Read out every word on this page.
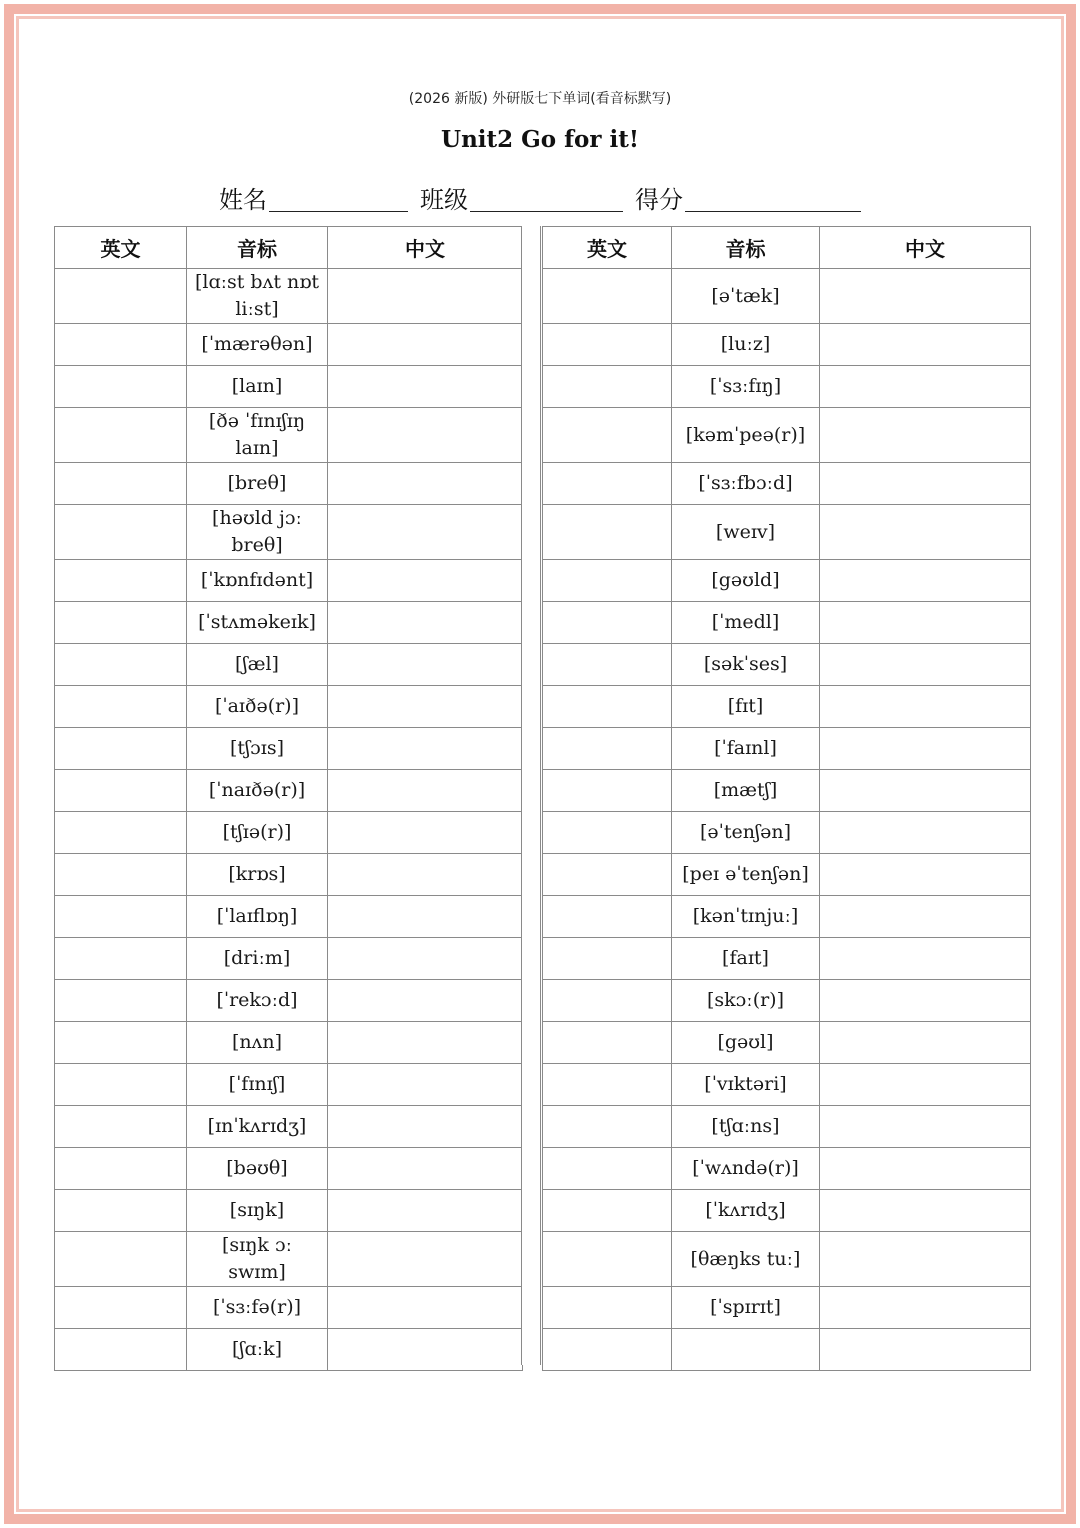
(2026 新版) 外研版七下单词(看音标默写)
Unit2 Go for it!
姓名	班级	得分
英文	音标	中文
	[lɑːst bʌt nɒt
liːst]	
	[ˈmærəθən]	
	[laɪn]	
	[ðə ˈfɪnɪʃɪŋ
laɪn]	
	[breθ]	
	[həʊld jɔː
breθ]	
	[ˈkɒnfɪdənt]	
	[ˈstʌməkeɪk]	
	[ʃæl]	
	[ˈaɪðə(r)]	
	[tʃɔɪs]	
	[ˈnaɪðə(r)]	
	[tʃɪə(r)]	
	[krɒs]	
	[ˈlaɪflɒŋ]	
	[driːm]	
	[ˈrekɔːd]	
	[nʌn]	
	[ˈfɪnɪʃ]	
	[ɪnˈkʌrɪdʒ]	
	[bəʊθ]	
	[sɪŋk]	
	[sɪŋk ɔː
swɪm]	
	[ˈsɜːfə(r)]	
	[ʃɑːk]	
英文	音标	中文
	[əˈtæk]	
	[luːz]	
	[ˈsɜːfɪŋ]	
	[kəmˈpeə(r)]	
	[ˈsɜːfbɔːd]	
	[weɪv]	
	[gəʊld]	
	[ˈmedl]	
	[səkˈses]	
	[fɪt]	
	[ˈfaɪnl]	
	[mætʃ]	
	[əˈtenʃən]	
	[peɪ əˈtenʃən]	
	[kənˈtɪnjuː]	
	[faɪt]	
	[skɔː(r)]	
	[gəʊl]	
	[ˈvɪktəri]	
	[tʃɑːns]	
	[ˈwʌndə(r)]	
	[ˈkʌrɪdʒ]	
	[θæŋks tuː]	
	[ˈspɪrɪt]	
